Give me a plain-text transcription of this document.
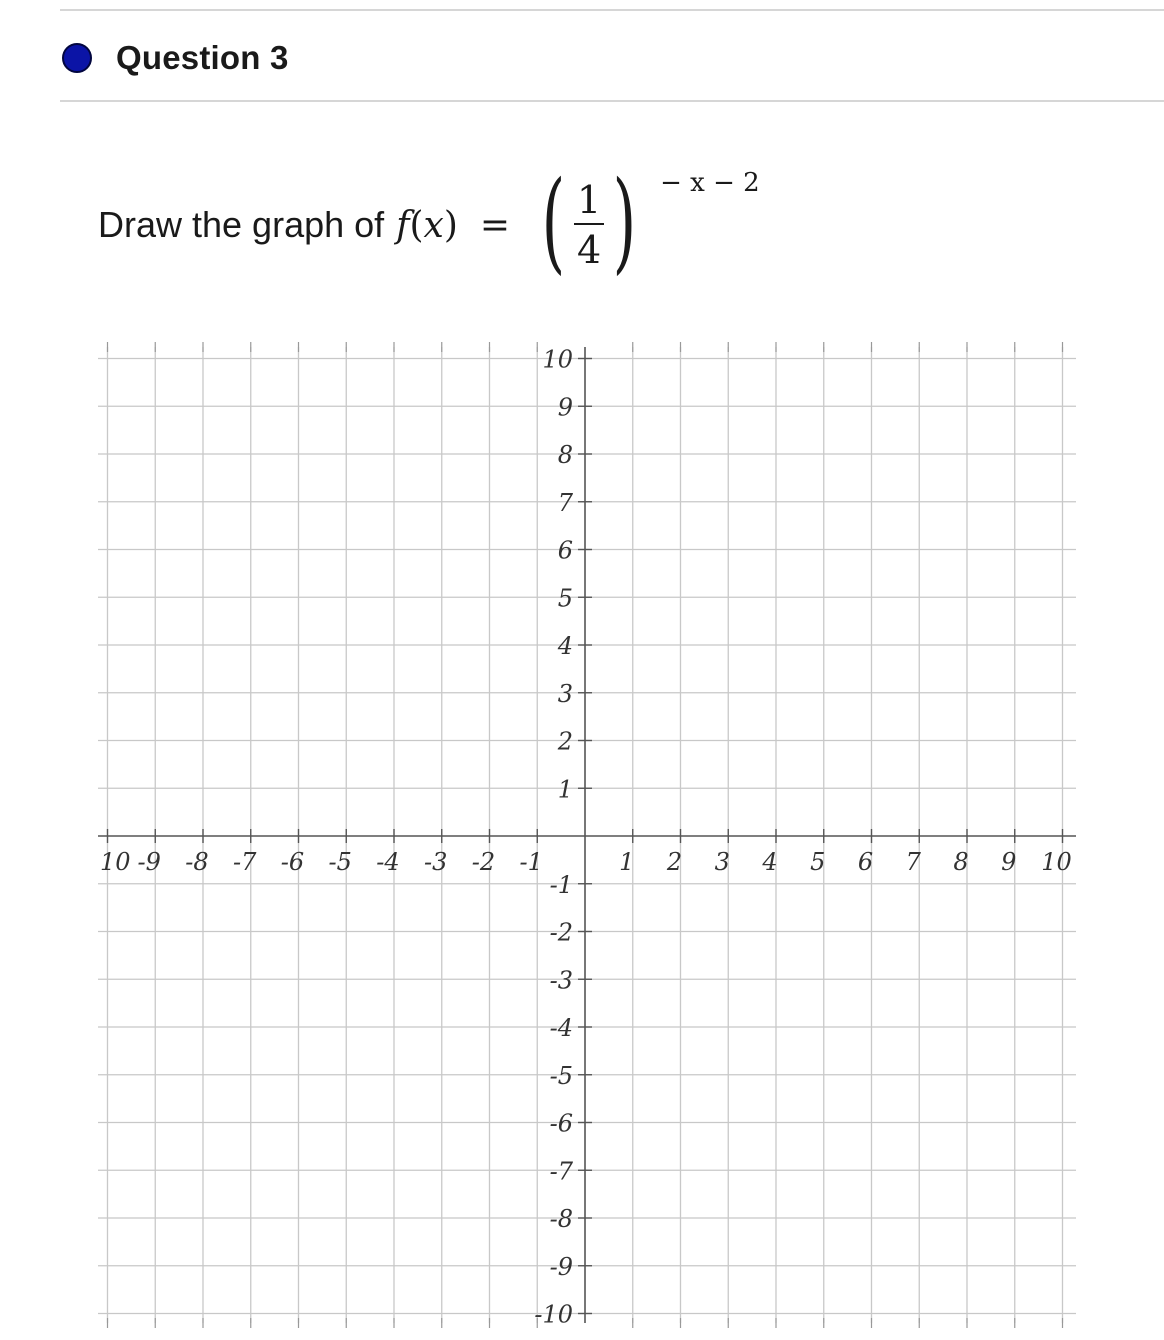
Question 3
Draw the graph of f ( x ) = ( $\frac{1}{4}$ ) − x − 2
10 -9 -8 -7 -6 -5 -4 -3 -2 -1	1 2 3 4 5 6 7 8 9 10
10
9
8
7
6
5
4
3
2
1
-1
-2
-3
-4
-5
-6
-7
-8
-9
-10
